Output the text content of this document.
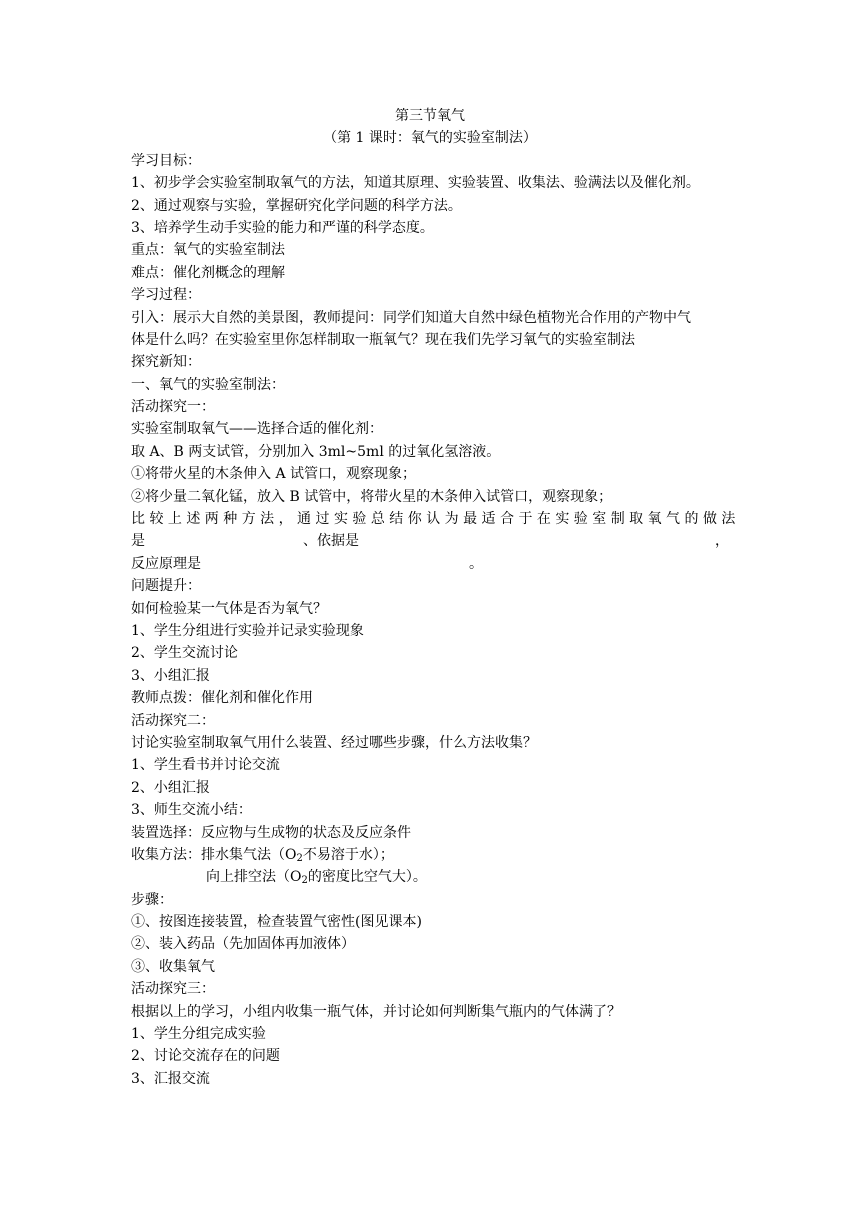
第三节氧气
（第 1 课时：氧气的实验室制法）
学习目标：
1、初步学会实验室制取氧气的方法，知道其原理、实验装置、收集法、验满法以及催化剂。
2、通过观察与实验，掌握研究化学问题的科学方法。
3、培养学生动手实验的能力和严谨的科学态度。
重点：氧气的实验室制法
难点：催化剂概念的理解
学习过程：
引入：展示大自然的美景图，教师提问：同学们知道大自然中绿色植物光合作用的产物中气
体是什么吗？在实验室里你怎样制取一瓶氧气？现在我们先学习氧气的实验室制法
探究新知：
一、氧气的实验室制法：
活动探究一：
实验室制取氧气——选择合适的催化剂：
取 A、B 两支试管，分别加入 3ml~5ml 的过氧化氢溶液。
①将带火星的木条伸入 A 试管口，观察现象；
②将少量二氧化锰，放入 B 试管中，将带火星的木条伸入试管口，观察现象；
比 较 上 述 两 种 方 法 ， 通 过 实 验 总 结 你 认 为 最 适 合 于 在 实 验 室 制 取 氧 气 的 做 法
是	、依据是	，
反应原理是	。
问题提升：
如何检验某一气体是否为氧气？
1、学生分组进行实验并记录实验现象
2、学生交流讨论
3、小组汇报
教师点拨：催化剂和催化作用
活动探究二：
讨论实验室制取氧气用什么装置、经过哪些步骤，什么方法收集？
1、学生看书并讨论交流
2、小组汇报
3、师生交流小结：
装置选择：反应物与生成物的状态及反应条件
收集方法：排水集气法（$O_2$不易溶于水）；
向上排空法（$O_2$的密度比空气大）。
步骤：
①、按图连接装置，检查装置气密性(图见课本)
②、装入药品（先加固体再加液体）
③、收集氧气
活动探究三：
根据以上的学习，小组内收集一瓶气体，并讨论如何判断集气瓶内的气体满了？
1、学生分组完成实验
2、讨论交流存在的问题
3、汇报交流
